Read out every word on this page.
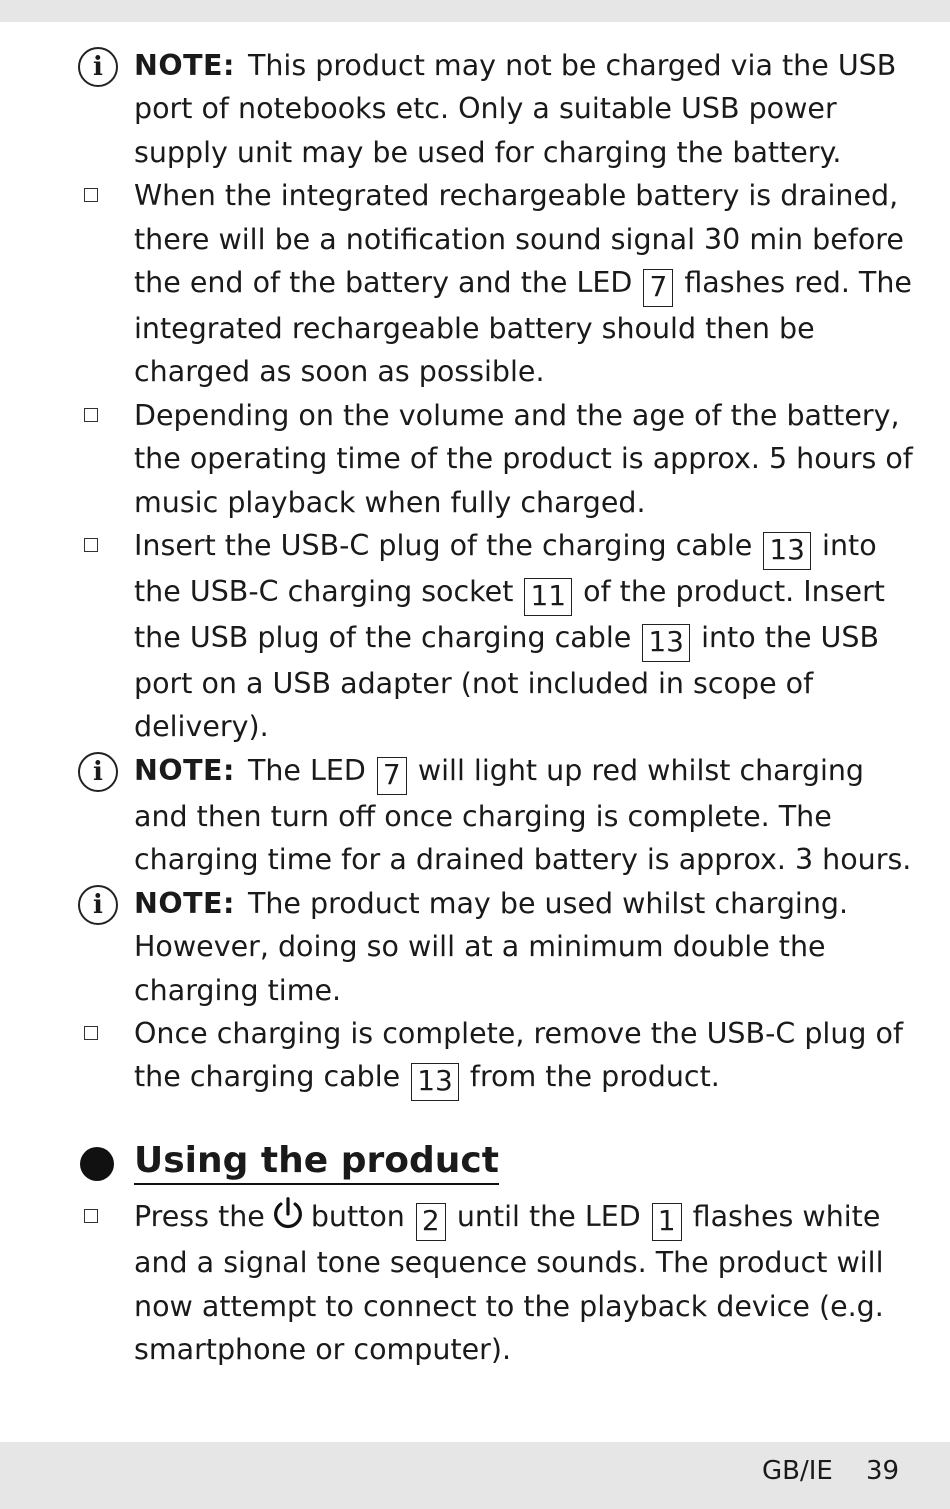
i	NOTE: This product may not be charged via the USB port of notebooks etc. Only a suitable USB power supply unit may be used for charging the battery.

When the integrated rechargeable battery is drained, there will be a notification sound signal 30 min before the end of the battery and the LED 7 flashes red. The integrated rechargeable battery should then be charged as soon as possible.

Depending on the volume and the age of the battery, the operating time of the product is approx. 5 hours of music playback when fully charged.

Insert the USB-C plug of the charging cable 13 into the USB-C charging socket 11 of the product. Insert the USB plug of the charging cable 13 into the USB port on a USB adapter (not included in scope of delivery).

i	NOTE: The LED 7 will light up red whilst charging and then turn off once charging is complete. The charging time for a drained battery is approx. 3 hours.

i	NOTE: The product may be used whilst charging. However, doing so will at a minimum double the charging time.

Once charging is complete, remove the USB-C plug of the charging cable 13 from the product.

Using the product

Press the button 2 until the LED 1 flashes white and a signal tone sequence sounds. The product will now attempt to connect to the playback device (e.g. smartphone or computer).

GB/IE 39
